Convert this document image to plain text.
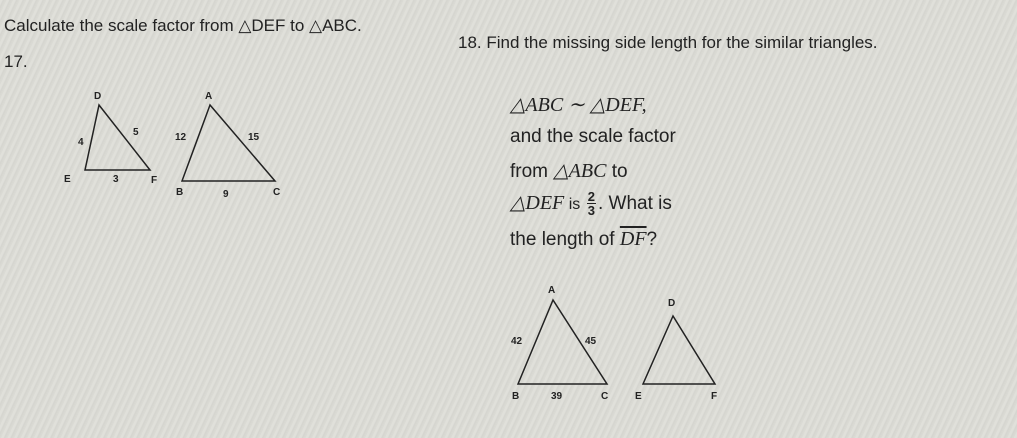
Calculate the scale factor from △DEF to △ABC.
17.
18. Find the missing side length for the similar triangles.
D
E	F
4
5
3
A
B	C
12	15
9
△ABC ∼ △DEF,
and the scale factor
from △ABC to
△DEF is $\frac{2}{3}$ . What is
the length of $\overline{DF}$?
A
B	C
42	45
39
D
E	F
